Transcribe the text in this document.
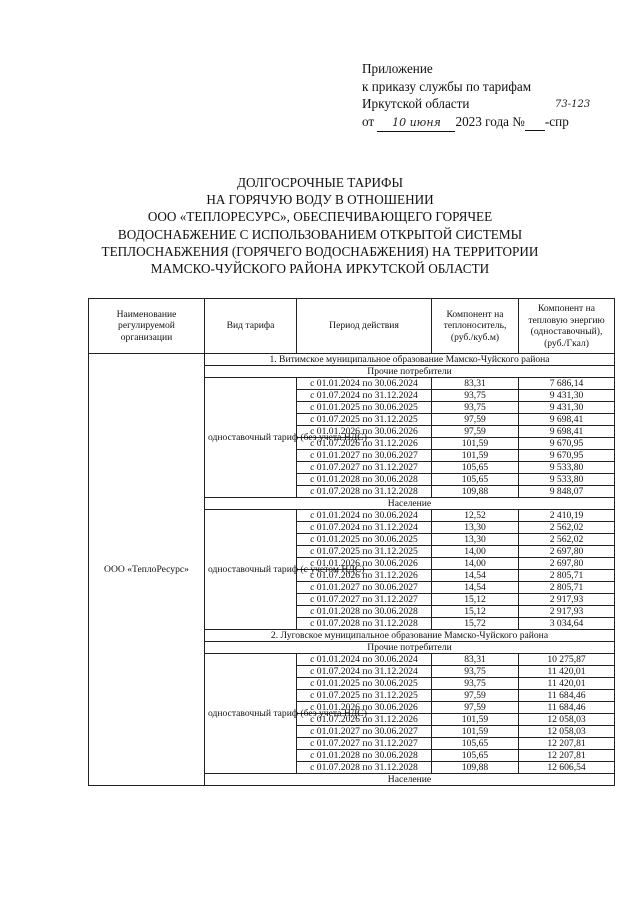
Приложение
к приказу службы по тарифам
Иркутской области
от 10 июня 2023 года № -спр
73-123
ДОЛГОСРОЧНЫЕ ТАРИФЫ
НА ГОРЯЧУЮ ВОДУ В ОТНОШЕНИИ
ООО «ТЕПЛОРЕСУРС», ОБЕСПЕЧИВАЮЩЕГО ГОРЯЧЕЕ
ВОДОСНАБЖЕНИЕ С ИСПОЛЬЗОВАНИЕМ ОТКРЫТОЙ СИСТЕМЫ
ТЕПЛОСНАБЖЕНИЯ (ГОРЯЧЕГО ВОДОСНАБЖЕНИЯ) НА ТЕРРИТОРИИ
МАМСКО-ЧУЙСКОГО РАЙОНА ИРКУТСКОЙ ОБЛАСТИ
Наименование регулируемой организации	Вид тарифа	Период действия	Компонент на теплоноситель, (руб./куб.м)	Компонент на тепловую энергию (одноставочный), (руб./Гкал)
ООО «ТеплоРесурс»	1. Витимское муниципальное образование Мамско-Чуйского района			
	Прочие потребители			
	одноставочный тариф (без учета НДС)	с 01.01.2024 по 30.06.2024	83,31	7 686,14
		с 01.07.2024 по 31.12.2024	93,75	9 431,30
		с 01.01.2025 по 30.06.2025	93,75	9 431,30
		с 01.07.2025 по 31.12.2025	97,59	9 698,41
		с 01.01.2026 по 30.06.2026	97,59	9 698,41
		с 01.07.2026 по 31.12.2026	101,59	9 670,95
		с 01.01.2027 по 30.06.2027	101,59	9 670,95
		с 01.07.2027 по 31.12.2027	105,65	9 533,80
		с 01.01.2028 по 30.06.2028	105,65	9 533,80
		с 01.07.2028 по 31.12.2028	109,88	9 848,07
	Население			
	одноставочный тариф (с учетом НДС)	с 01.01.2024 по 30.06.2024	12,52	2 410,19
		с 01.07.2024 по 31.12.2024	13,30	2 562,02
		с 01.01.2025 по 30.06.2025	13,30	2 562,02
		с 01.07.2025 по 31.12.2025	14,00	2 697,80
		с 01.01.2026 по 30.06.2026	14,00	2 697,80
		с 01.07.2026 по 31.12.2026	14,54	2 805,71
		с 01.01.2027 по 30.06.2027	14,54	2 805,71
		с 01.07.2027 по 31.12.2027	15,12	2 917,93
		с 01.01.2028 по 30.06.2028	15,12	2 917,93
		с 01.07.2028 по 31.12.2028	15,72	3 034,64
	2. Луговское муниципальное образование Мамско-Чуйского района			
	Прочие потребители			
	одноставочный тариф (без учета НДС)	с 01.01.2024 по 30.06.2024	83,31	10 275,87
		с 01.07.2024 по 31.12.2024	93,75	11 420,01
		с 01.01.2025 по 30.06.2025	93,75	11 420,01
		с 01.07.2025 по 31.12.2025	97,59	11 684,46
		с 01.01.2026 по 30.06.2026	97,59	11 684,46
		с 01.07.2026 по 31.12.2026	101,59	12 058,03
		с 01.01.2027 по 30.06.2027	101,59	12 058,03
		с 01.07.2027 по 31.12.2027	105,65	12 207,81
		с 01.01.2028 по 30.06.2028	105,65	12 207,81
		с 01.07.2028 по 31.12.2028	109,88	12 606,54
	Население			
